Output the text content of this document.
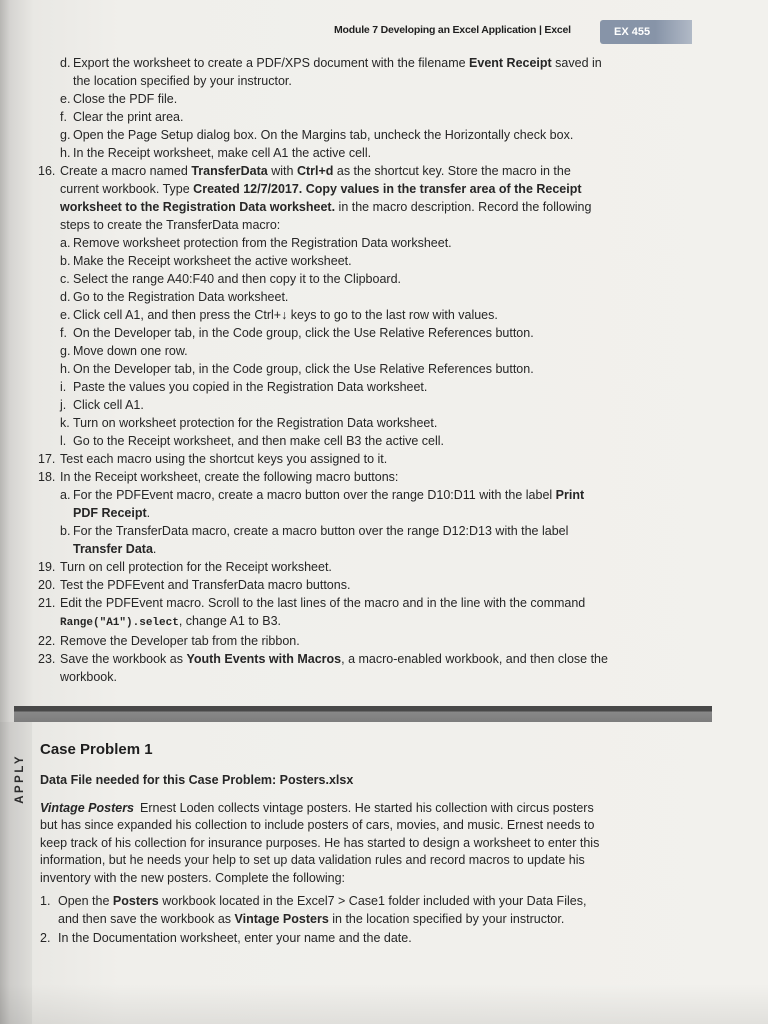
Module 7 Developing an Excel Application | Excel	EX 455
d. Export the worksheet to create a PDF/XPS document with the filename Event Receipt saved in the location specified by your instructor.
e. Close the PDF file.
f. Clear the print area.
g. Open the Page Setup dialog box. On the Margins tab, uncheck the Horizontally check box.
h. In the Receipt worksheet, make cell A1 the active cell.
16. Create a macro named TransferData with Ctrl+d as the shortcut key. Store the macro in the current workbook. Type Created 12/7/2017. Copy values in the transfer area of the Receipt worksheet to the Registration Data worksheet. in the macro description. Record the following steps to create the TransferData macro:
a. Remove worksheet protection from the Registration Data worksheet.
b. Make the Receipt worksheet the active worksheet.
c. Select the range A40:F40 and then copy it to the Clipboard.
d. Go to the Registration Data worksheet.
e. Click cell A1, and then press the Ctrl+↓ keys to go to the last row with values.
f. On the Developer tab, in the Code group, click the Use Relative References button.
g. Move down one row.
h. On the Developer tab, in the Code group, click the Use Relative References button.
i. Paste the values you copied in the Registration Data worksheet.
j. Click cell A1.
k. Turn on worksheet protection for the Registration Data worksheet.
l. Go to the Receipt worksheet, and then make cell B3 the active cell.
17. Test each macro using the shortcut keys you assigned to it.
18. In the Receipt worksheet, create the following macro buttons:
a. For the PDFEvent macro, create a macro button over the range D10:D11 with the label Print PDF Receipt.
b. For the TransferData macro, create a macro button over the range D12:D13 with the label Transfer Data.
19. Turn on cell protection for the Receipt worksheet.
20. Test the PDFEvent and TransferData macro buttons.
21. Edit the PDFEvent macro. Scroll to the last lines of the macro and in the line with the command Range("A1").select, change A1 to B3.
22. Remove the Developer tab from the ribbon.
23. Save the workbook as Youth Events with Macros, a macro-enabled workbook, and then close the workbook.
APPLY
Case Problem 1
Data File needed for this Case Problem: Posters.xlsx

Vintage Posters Ernest Loden collects vintage posters. He started his collection with circus posters but has since expanded his collection to include posters of cars, movies, and music. Ernest needs to keep track of his collection for insurance purposes. He has started to design a worksheet to enter this information, but he needs your help to set up data validation rules and record macros to update his inventory with the new posters. Complete the following:

1. Open the Posters workbook located in the Excel7 > Case1 folder included with your Data Files, and then save the workbook as Vintage Posters in the location specified by your instructor.
2. In the Documentation worksheet, enter your name and the date.
